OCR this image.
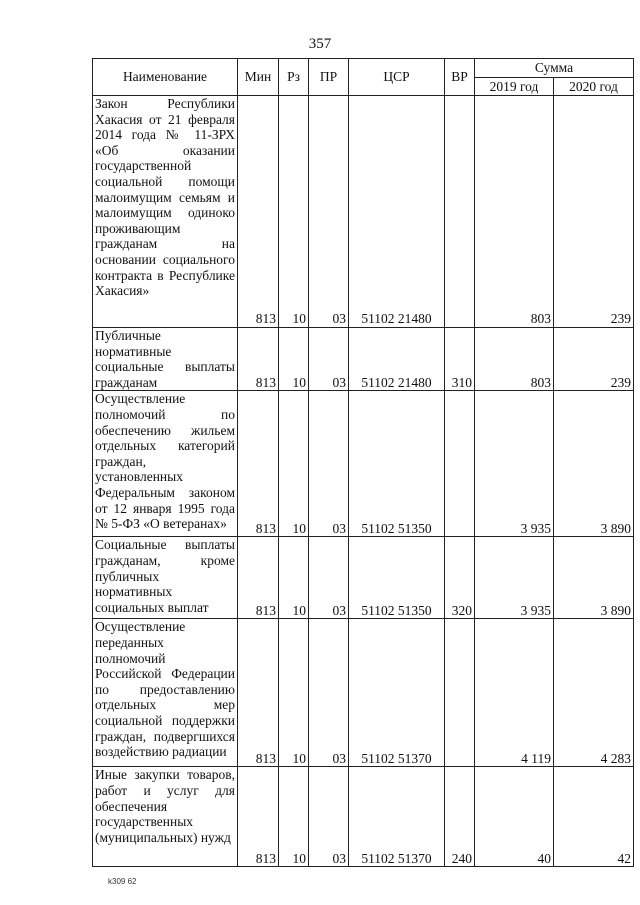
357
Наименование	Мин	Рз	ПР	ЦСР	ВР	Сумма	
						2019 год	2020 год

Закон Республики Хакасия от 21 февраля 2014 года № 11-ЗРХ «Об оказании государственной социальной помощи малоимущим семьям и малоимущим одиноко проживающим гражданам на основании социального контракта в Республике Хакасия»	813	10	03	51102 21480		803	239

Публичные нормативные социальные выплаты гражданам	813	10	03	51102 21480	310	803	239

Осуществление полномочий по обеспечению жильем отдельных категорий граждан, установленных Федеральным законом от 12 января 1995 года № 5-ФЗ «О ветеранах»	813	10	03	51102 51350		3 935	3 890

Социальные выплаты гражданам, кроме публичных нормативных социальных выплат	813	10	03	51102 51350	320	3 935	3 890

Осуществление переданных полномочий Российской Федерации по предоставлению отдельных мер социальной поддержки граждан, подвергшихся воздействию радиации	813	10	03	51102 51370		4 119	4 283

Иные закупки товаров, работ и услуг для обеспечения государственных (муниципальных) нужд	813	10	03	51102 51370	240	40	42
k309 62
